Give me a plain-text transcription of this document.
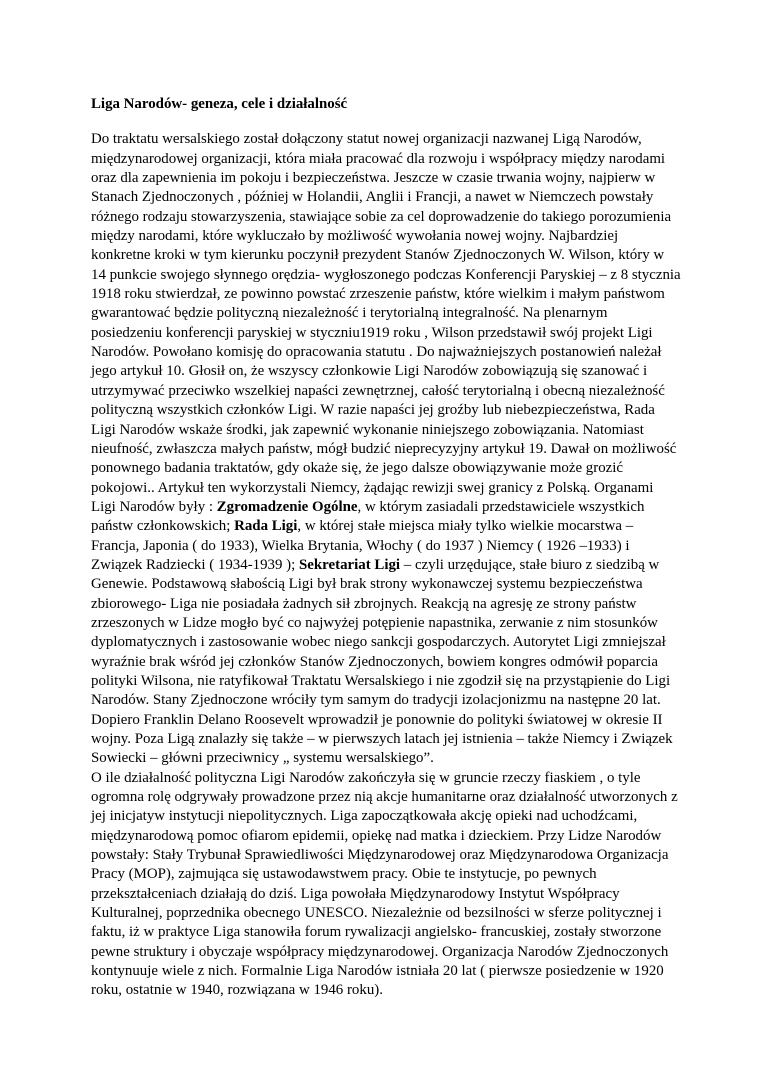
Liga Narodów- geneza, cele i działalność

Do traktatu wersalskiego został dołączony statut nowej organizacji nazwanej Ligą Narodów, międzynarodowej organizacji, która miała pracować dla rozwoju i współpracy między narodami oraz dla zapewnienia im pokoju i bezpieczeństwa. Jeszcze w czasie trwania wojny, najpierw w Stanach Zjednoczonych , później w Holandii, Anglii i Francji, a nawet w Niemczech powstały różnego rodzaju stowarzyszenia, stawiające sobie za cel doprowadzenie do takiego porozumienia między narodami, które wykluczało by możliwość wywołania nowej wojny. Najbardziej konkretne kroki w tym kierunku poczynił prezydent Stanów Zjednoczonych W. Wilson, który w 14 punkcie swojego słynnego orędzia- wygłoszonego podczas Konferencji Paryskiej – z 8 stycznia 1918 roku stwierdzał, ze powinno powstać zrzeszenie państw, które wielkim i małym państwom gwarantować będzie polityczną niezależność i terytorialną integralność. Na plenarnym posiedzeniu konferencji paryskiej w styczniu1919 roku , Wilson przedstawił swój projekt Ligi Narodów. Powołano komisję do opracowania statutu . Do najważniejszych postanowień należał jego artykuł 10. Głosił on, że wszyscy członkowie Ligi Narodów zobowiązują się szanować i utrzymywać przeciwko wszelkiej napaści zewnętrznej, całość terytorialną i obecną niezależność polityczną wszystkich członków Ligi. W razie napaści jej groźby lub niebezpieczeństwa, Rada Ligi Narodów wskaże środki, jak zapewnić wykonanie niniejszego zobowiązania. Natomiast nieufność, zwłaszcza małych państw, mógł budzić nieprecyzyjny artykuł 19. Dawał on możliwość ponownego badania traktatów, gdy okaże się, że jego dalsze obowiązywanie może grozić pokojowi.. Artykuł ten wykorzystali Niemcy, żądając rewizji swej granicy z Polską. Organami Ligi Narodów były : Zgromadzenie Ogólne, w którym zasiadali przedstawiciele wszystkich państw członkowskich; Rada Ligi, w której stałe miejsca miały tylko wielkie mocarstwa – Francja, Japonia ( do 1933), Wielka Brytania, Włochy ( do 1937 ) Niemcy ( 1926 –1933) i Związek Radziecki ( 1934-1939 ); Sekretariat Ligi – czyli urzędujące, stałe biuro z siedzibą w Genewie. Podstawową słabością Ligi był brak strony wykonawczej systemu bezpieczeństwa zbiorowego- Liga nie posiadała żadnych sił zbrojnych. Reakcją na agresję ze strony państw zrzeszonych w Lidze mogło być co najwyżej potępienie napastnika, zerwanie z nim stosunków dyplomatycznych i zastosowanie wobec niego sankcji gospodarczych. Autorytet Ligi zmniejszał wyraźnie brak wśród jej członków Stanów Zjednoczonych, bowiem kongres odmówił poparcia polityki Wilsona, nie ratyfikował Traktatu Wersalskiego i nie zgodził się na przystąpienie do Ligi Narodów. Stany Zjednoczone wróciły tym samym do tradycji izolacjonizmu na następne 20 lat. Dopiero Franklin Delano Roosevelt wprowadził je ponownie do polityki światowej w okresie II wojny. Poza Ligą znalazły się także – w pierwszych latach jej istnienia – także Niemcy i Związek Sowiecki – główni przeciwnicy „ systemu wersalskiego”.

O ile działalność polityczna Ligi Narodów zakończyła się w gruncie rzeczy fiaskiem , o tyle ogromna rolę odgrywały prowadzone przez nią akcje humanitarne oraz działalność utworzonych z jej inicjatyw instytucji niepolitycznych. Liga zapoczątkowała akcję opieki nad uchodźcami, międzynarodową pomoc ofiarom epidemii, opiekę nad matka i dzieckiem. Przy Lidze Narodów powstały: Stały Trybunał Sprawiedliwości Międzynarodowej oraz Międzynarodowa Organizacja Pracy (MOP), zajmująca się ustawodawstwem pracy. Obie te instytucje, po pewnych przekształceniach działają do dziś. Liga powołała Międzynarodowy Instytut Współpracy Kulturalnej, poprzednika obecnego UNESCO. Niezależnie od bezsilności w sferze politycznej i faktu, iż w praktyce Liga stanowiła forum rywalizacji angielsko- francuskiej, zostały stworzone pewne struktury i obyczaje współpracy międzynarodowej. Organizacja Narodów Zjednoczonych kontynuuje wiele z nich. Formalnie Liga Narodów istniała 20 lat ( pierwsze posiedzenie w 1920 roku, ostatnie w 1940, rozwiązana w 1946 roku).
